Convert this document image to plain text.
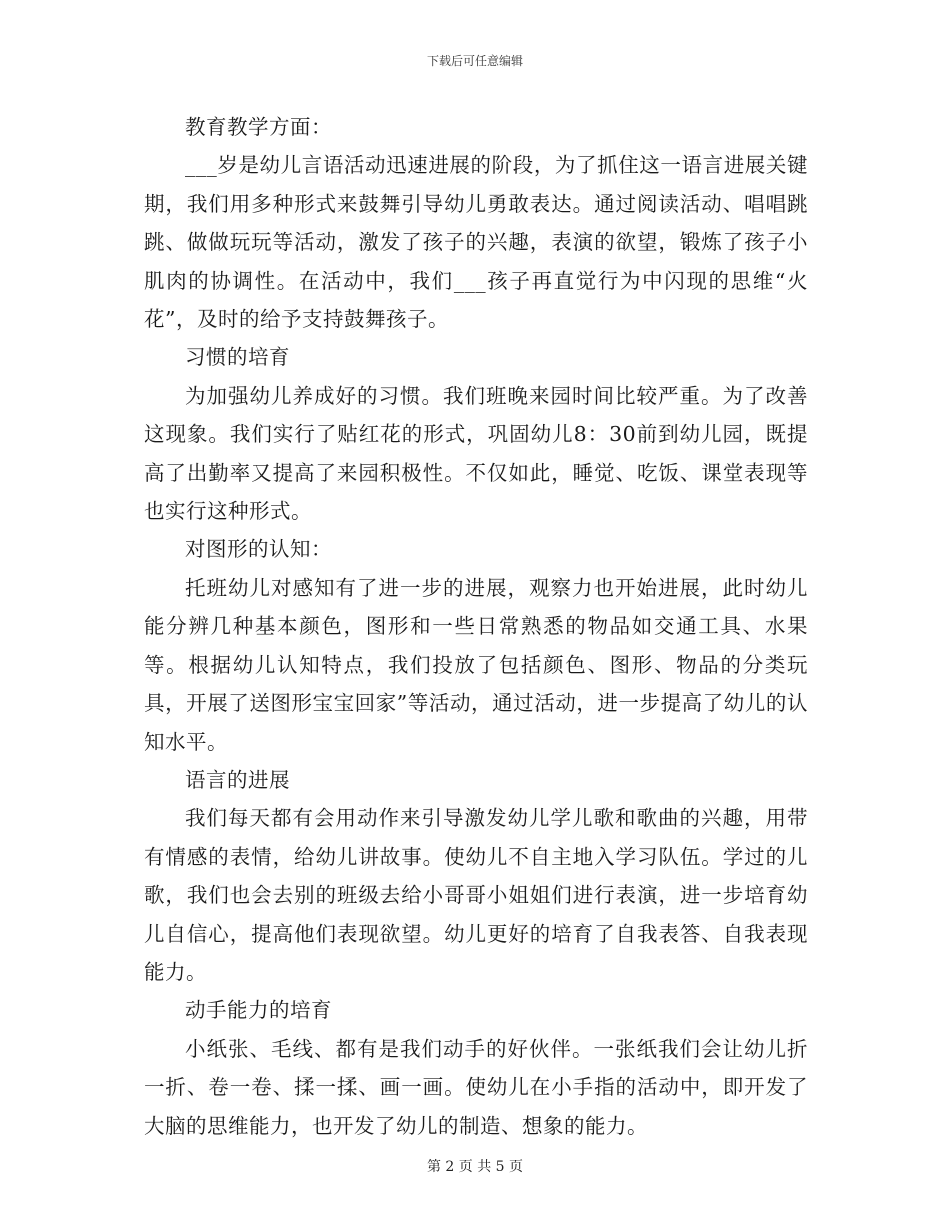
下载后可任意编辑

教育教学方面：

___岁是幼儿言语活动迅速进展的阶段，为了抓住这一语言进展关键期，我们用多种形式来鼓舞引导幼儿勇敢表达。通过阅读活动、唱唱跳跳、做做玩玩等活动，激发了孩子的兴趣，表演的欲望，锻炼了孩子小肌肉的协调性。在活动中，我们___孩子再直觉行为中闪现的思维“火花”，及时的给予支持鼓舞孩子。

习惯的培育

为加强幼儿养成好的习惯。我们班晚来园时间比较严重。为了改善这现象。我们实行了贴红花的形式，巩固幼儿8：30前到幼儿园，既提高了出勤率又提高了来园积极性。不仅如此，睡觉、吃饭、课堂表现等也实行这种形式。

对图形的认知：

托班幼儿对感知有了进一步的进展，观察力也开始进展，此时幼儿能分辨几种基本颜色，图形和一些日常熟悉的物品如交通工具、水果等。根据幼儿认知特点，我们投放了包括颜色、图形、物品的分类玩具，开展了送图形宝宝回家”等活动，通过活动，进一步提高了幼儿的认知水平。

语言的进展

我们每天都有会用动作来引导激发幼儿学儿歌和歌曲的兴趣，用带有情感的表情，给幼儿讲故事。使幼儿不自主地入学习队伍。学过的儿歌，我们也会去别的班级去给小哥哥小姐姐们进行表演，进一步培育幼儿自信心，提高他们表现欲望。幼儿更好的培育了自我表答、自我表现能力。

动手能力的培育

小纸张、毛线、都有是我们动手的好伙伴。一张纸我们会让幼儿折一折、卷一卷、揉一揉、画一画。使幼儿在小手指的活动中，即开发了大脑的思维能力，也开发了幼儿的制造、想象的能力。

第 2 页 共 5 页
